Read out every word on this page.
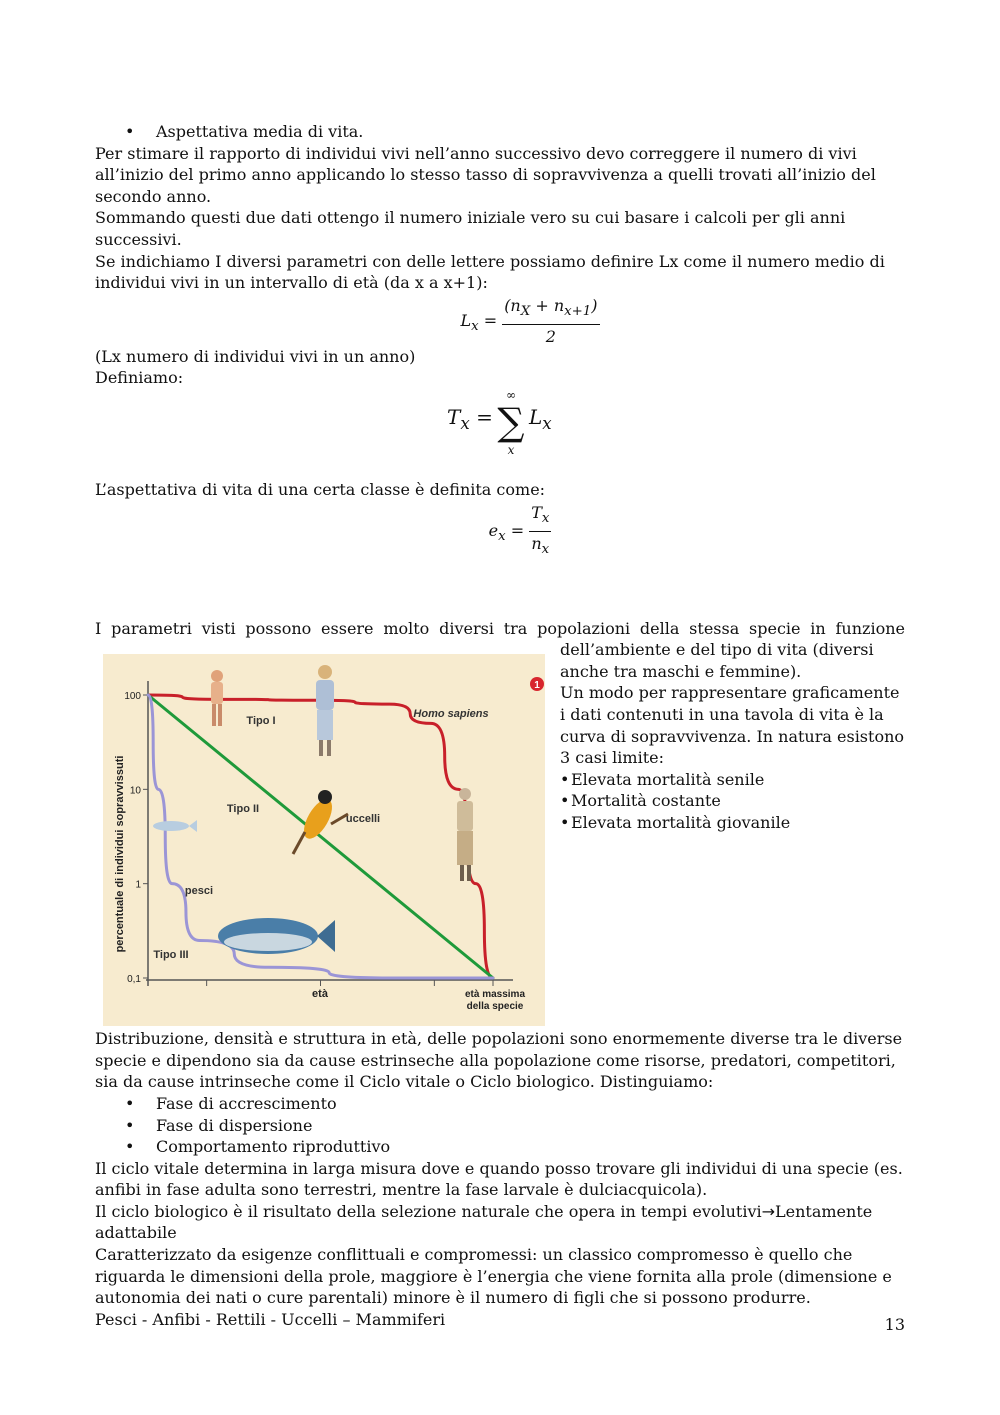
• Aspettativa media di vita.

Per stimare il rapporto di individui vivi nell’anno successivo devo correggere il numero di vivi all’inizio del primo anno applicando lo stesso tasso di sopravvivenza a quelli trovati all’inizio del secondo anno.

Sommando questi due dati ottengo il numero iniziale vero su cui basare i calcoli per gli anni successivi.

Se indichiamo I diversi parametri con delle lettere possiamo definire Lx come il numero medio di individui vivi in un intervallo di età (da x a x+1):

$L_x = \frac{(n_X + n_{x+1})}{2}$

(Lx numero di individui vivi in un anno)

Definiamo:

$T_x$ =
∞
∑
x
$L_x$

L’aspettativa di vita di una certa classe è definita come:

$e_x = \frac{T_x}{n_x}$

I parametri visti possono essere molto diversi tra popolazioni della stessa specie in funzione

dell’ambiente e del tipo di vita (diversi anche tra maschi e femmine).

Un modo per rappresentare graficamente i dati contenuti in una tavola di vita è la curva di sopravvivenza. In natura esistono 3 casi limite:

• Elevata mortalità senile

• Mortalità costante

• Elevata mortalità giovanile

100
10
1
0,1
Tipo I
Homo sapiens
Tipo II
uccelli
Tipo III
pesci
percentuale di individui sopravvissuti
età	età massima
della specie
1

Distribuzione, densità e struttura in età, delle popolazioni sono enormemente diverse tra le diverse specie e dipendono sia da cause estrinseche alla popolazione come risorse, predatori, competitori, sia da cause intrinseche come il Ciclo vitale o Ciclo biologico. Distinguiamo:

• Fase di accrescimento

• Fase di dispersione

• Comportamento riproduttivo

Il ciclo vitale determina in larga misura dove e quando posso trovare gli individui di una specie (es. anfibi in fase adulta sono terrestri, mentre la fase larvale è dulciacquicola).

Il ciclo biologico è il risultato della selezione naturale che opera in tempi evolutivi→Lentamente adattabile

Caratterizzato da esigenze conflittuali e compromessi: un classico compromesso è quello che riguarda le dimensioni della prole, maggiore è l’energia che viene fornita alla prole (dimensione e autonomia dei nati o cure parentali) minore è il numero di figli che si possono produrre.

Pesci - Anfibi - Rettili - Uccelli – Mammiferi	13
